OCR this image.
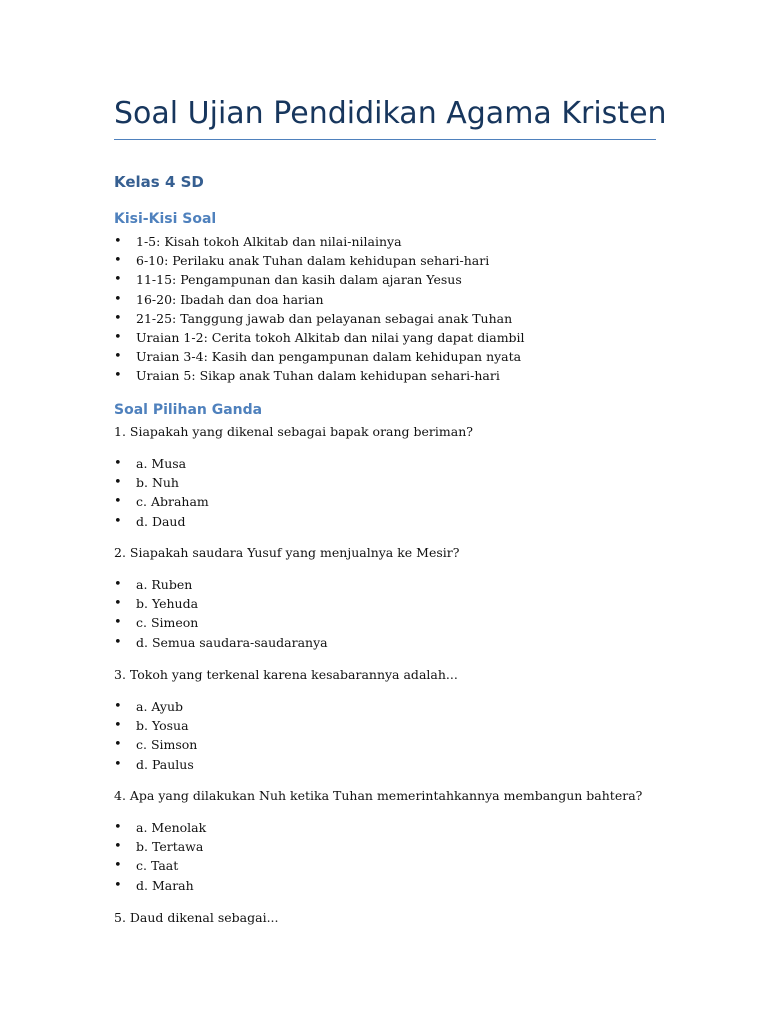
Soal Ujian Pendidikan Agama Kristen
Kelas 4 SD
Kisi-Kisi Soal
• 1-5: Kisah tokoh Alkitab dan nilai-nilainya
• 6-10: Perilaku anak Tuhan dalam kehidupan sehari-hari
• 11-15: Pengampunan dan kasih dalam ajaran Yesus
• 16-20: Ibadah dan doa harian
• 21-25: Tanggung jawab dan pelayanan sebagai anak Tuhan
• Uraian 1-2: Cerita tokoh Alkitab dan nilai yang dapat diambil
• Uraian 3-4: Kasih dan pengampunan dalam kehidupan nyata
• Uraian 5: Sikap anak Tuhan dalam kehidupan sehari-hari
Soal Pilihan Ganda

1. Siapakah yang dikenal sebagai bapak orang beriman?

• a. Musa
• b. Nuh
• c. Abraham
• d. Daud

2. Siapakah saudara Yusuf yang menjualnya ke Mesir?

• a. Ruben
• b. Yehuda
• c. Simeon
• d. Semua saudara-saudaranya

3. Tokoh yang terkenal karena kesabarannya adalah...

• a. Ayub
• b. Yosua
• c. Simson
• d. Paulus

4. Apa yang dilakukan Nuh ketika Tuhan memerintahkannya membangun bahtera?

• a. Menolak
• b. Tertawa
• c. Taat
• d. Marah

5. Daud dikenal sebagai...
